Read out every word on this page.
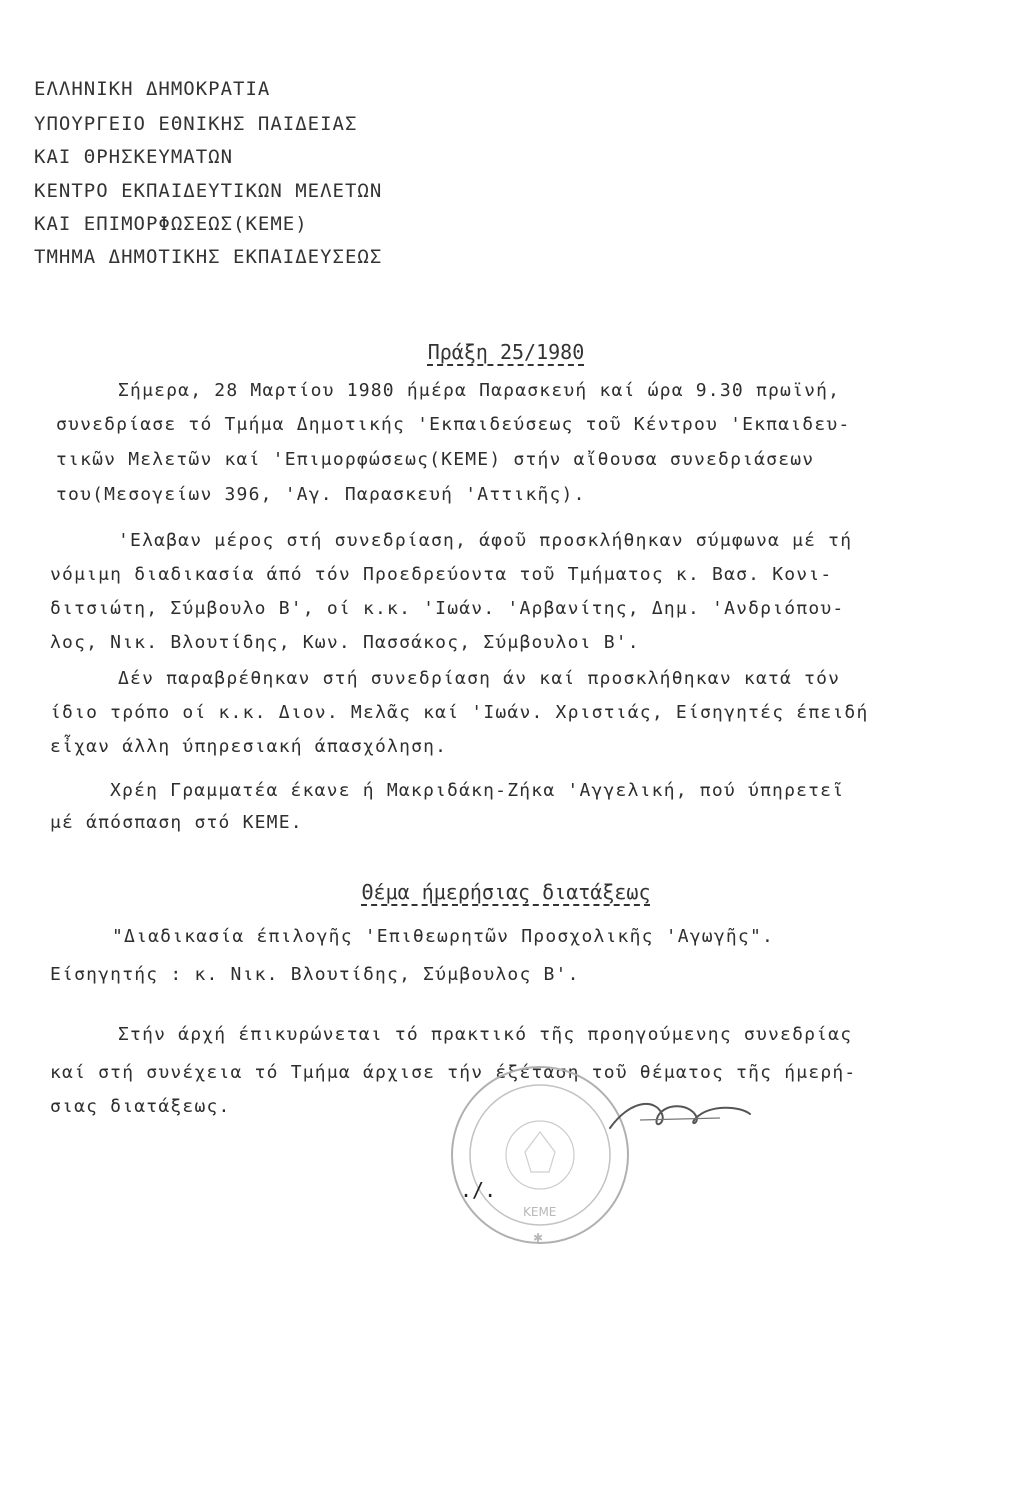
ΕΛΛΗΝΙΚΗ ΔΗΜΟΚΡΑΤΙΑ
ΥΠΟΥΡΓΕΙΟ ΕΘΝΙΚΗΣ ΠΑΙΔΕΙΑΣ
ΚΑΙ ΘΡΗΣΚΕΥΜΑΤΩΝ
ΚΕΝΤΡΟ ΕΚΠΑΙΔΕΥΤΙΚΩΝ ΜΕΛΕΤΩΝ
ΚΑΙ ΕΠΙΜΟΡΦΩΣΕΩΣ(ΚΕΜΕ)
ΤΜΗΜΑ ΔΗΜΟΤΙΚΗΣ ΕΚΠΑΙΔΕΥΣΕΩΣ
Πράξη 25/1980
Σήμερα, 28 Μαρτίου 1980 ήμέρα Παρασκευή καί ώρα 9.30 πρωϊνή,
συνεδρίασε τό Τμήμα Δημοτικής 'Εκπαιδεύσεως τοῦ Κέντρου 'Εκπαιδευ-
τικῶν Μελετῶν καί 'Επιμορφώσεως(ΚΕΜΕ) στήν αἴθουσα συνεδριάσεων
του(Μεσογείων 396, 'Αγ. Παρασκευή 'Αττικῆς).
'Ελαβαν μέρος στή συνεδρίαση, άφοῦ προσκλήθηκαν σύμφωνα μέ τή
νόμιμη διαδικασία άπό τόν Προεδρεύοντα τοῦ Τμήματος κ. Βασ. Κονι-
διτσιώτη, Σύμβουλο Β', οί κ.κ. 'Ιωάν. 'Αρβανίτης, Δημ. 'Ανδριόπου-
λος, Νικ. Βλουτίδης, Κων. Πασσάκος, Σύμβουλοι Β'.
Δέν παραβρέθηκαν στή συνεδρίαση άν καί προσκλήθηκαν κατά τόν
ίδιο τρόπο οί κ.κ. Διον. Μελᾶς καί 'Ιωάν. Χριστιάς, Είσηγητές έπειδή
εἶχαν άλλη ύπηρεσιακή άπασχόληση.
Χρέη Γραμματέα έκανε ή Μακριδάκη-Ζήκα 'Αγγελική, πού ύπηρετεῖ
μέ άπόσπαση στό ΚΕΜΕ.
Θέμα ήμερήσιας διατάξεως
"Διαδικασία έπιλογῆς 'Επιθεωρητῶν Προσχολικῆς 'Αγωγῆς".
Είσηγητής : κ. Νικ. Βλουτίδης, Σύμβουλος Β'.
Στήν άρχή έπικυρώνεται τό πρακτικό τῆς προηγούμενης συνεδρίας
καί στή συνέχεια τό Τμήμα άρχισε τήν έξέταση τοῦ θέματος τῆς ήμερή-
σιας διατάξεως.
ΚΕΜΕ
✱
./.
